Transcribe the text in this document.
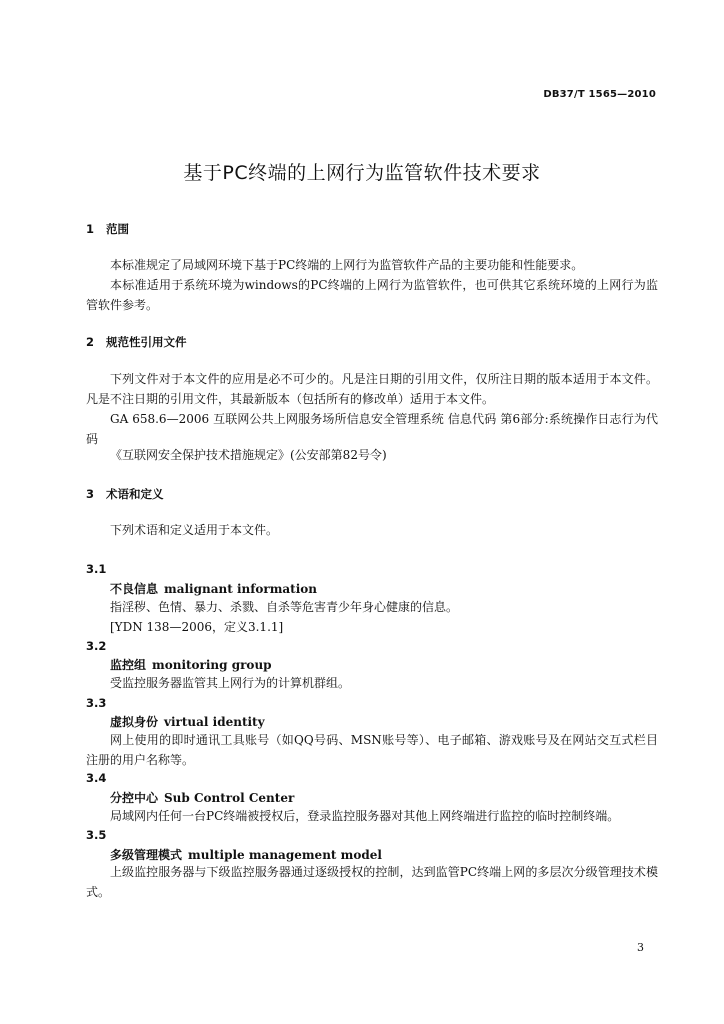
DB37/T 1565—2010
基于PC终端的上网行为监管软件技术要求
1 范围
本标准规定了局域网环境下基于PC终端的上网行为监管软件产品的主要功能和性能要求。
本标准适用于系统环境为windows的PC终端的上网行为监管软件，也可供其它系统环境的上网行为监管软件参考。
2 规范性引用文件
下列文件对于本文件的应用是必不可少的。凡是注日期的引用文件，仅所注日期的版本适用于本文件。凡是不注日期的引用文件，其最新版本（包括所有的修改单）适用于本文件。
GA 658.6—2006 互联网公共上网服务场所信息安全管理系统 信息代码 第6部分:系统操作日志行为代码
《互联网安全保护技术措施规定》(公安部第82号令)
3 术语和定义
下列术语和定义适用于本文件。
3.1
不良信息 malignant information
指淫秽、色情、暴力、杀戮、自杀等危害青少年身心健康的信息。
[YDN 138—2006，定义3.1.1]
3.2
监控组 monitoring group
受监控服务器监管其上网行为的计算机群组。
3.3
虚拟身份 virtual identity
网上使用的即时通讯工具账号（如QQ号码、MSN账号等）、电子邮箱、游戏账号及在网站交互式栏目注册的用户名称等。
3.4
分控中心 Sub Control Center
局域网内任何一台PC终端被授权后，登录监控服务器对其他上网终端进行监控的临时控制终端。
3.5
多级管理模式 multiple management model
上级监控服务器与下级监控服务器通过逐级授权的控制，达到监管PC终端上网的多层次分级管理技术模式。
3
